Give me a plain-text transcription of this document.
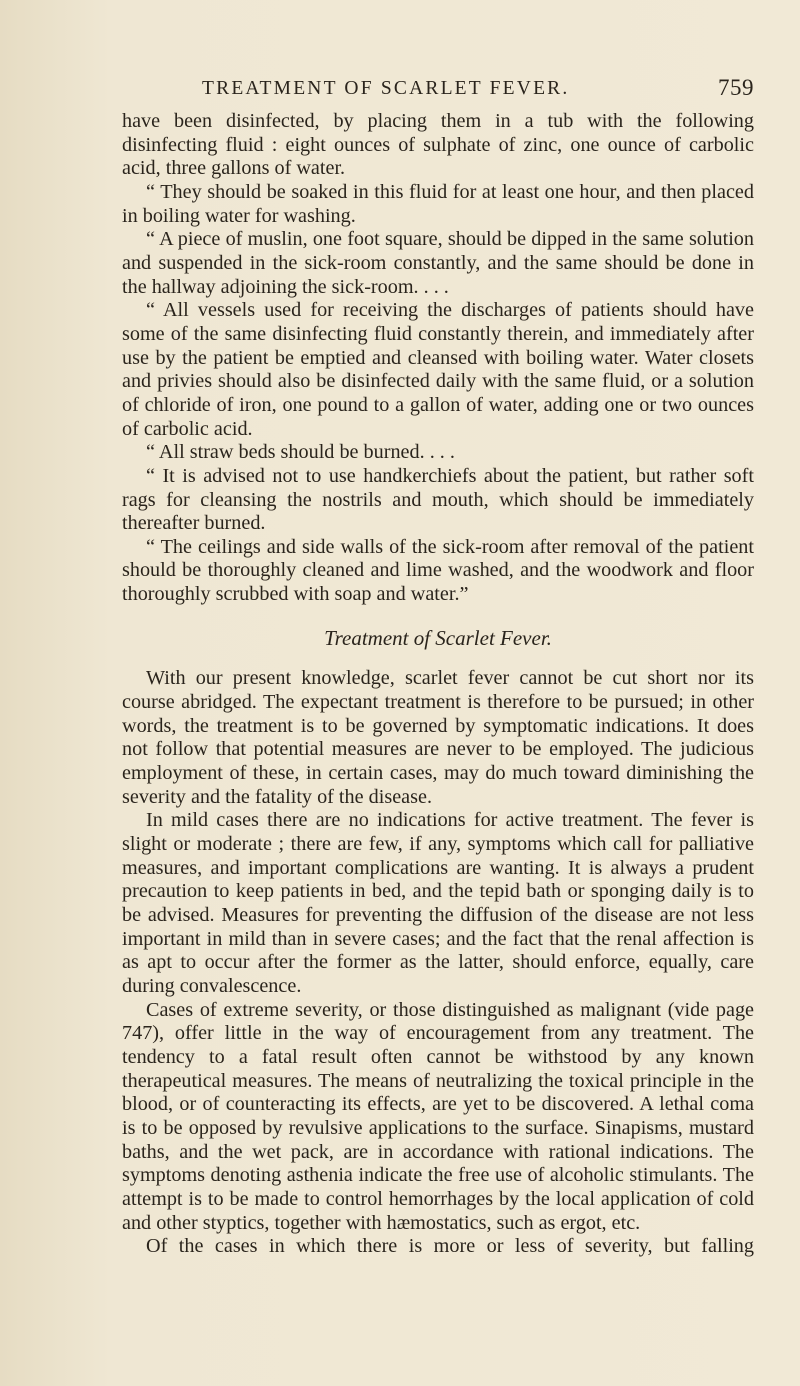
TREATMENT OF SCARLET FEVER.	759

have been disinfected, by placing them in a tub with the following disinfecting fluid : eight ounces of sulphate of zinc, one ounce of carbolic acid, three gallons of water.

“ They should be soaked in this fluid for at least one hour, and then placed in boiling water for washing.

“ A piece of muslin, one foot square, should be dipped in the same solution and suspended in the sick-room constantly, and the same should be done in the hallway adjoining the sick-room. . . .

“ All vessels used for receiving the discharges of patients should have some of the same disinfecting fluid constantly therein, and immediately after use by the patient be emptied and cleansed with boiling water. Water closets and privies should also be disinfected daily with the same fluid, or a solution of chloride of iron, one pound to a gallon of water, adding one or two ounces of carbolic acid.

“ All straw beds should be burned. . . .

“ It is advised not to use handkerchiefs about the patient, but rather soft rags for cleansing the nostrils and mouth, which should be immediately thereafter burned.

“ The ceilings and side walls of the sick-room after removal of the patient should be thoroughly cleaned and lime washed, and the woodwork and floor thoroughly scrubbed with soap and water.”

Treatment of Scarlet Fever.

With our present knowledge, scarlet fever cannot be cut short nor its course abridged. The expectant treatment is therefore to be pursued; in other words, the treatment is to be governed by symptomatic indications. It does not follow that potential measures are never to be employed. The judicious employment of these, in certain cases, may do much toward diminishing the severity and the fatality of the disease.

In mild cases there are no indications for active treatment. The fever is slight or moderate ; there are few, if any, symptoms which call for palliative measures, and important complications are wanting. It is always a prudent precaution to keep patients in bed, and the tepid bath or sponging daily is to be advised. Measures for preventing the diffusion of the disease are not less important in mild than in severe cases; and the fact that the renal affection is as apt to occur after the former as the latter, should enforce, equally, care during convalescence.

Cases of extreme severity, or those distinguished as malignant (vide page 747), offer little in the way of encouragement from any treatment. The tendency to a fatal result often cannot be withstood by any known therapeutical measures. The means of neutralizing the toxical principle in the blood, or of counteracting its effects, are yet to be discovered. A lethal coma is to be opposed by revulsive applications to the surface. Sinapisms, mustard baths, and the wet pack, are in accordance with rational indications. The symptoms denoting asthenia indicate the free use of alcoholic stimulants. The attempt is to be made to control hemorrhages by the local application of cold and other styptics, together with hæmostatics, such as ergot, etc.

Of the cases in which there is more or less of severity, but falling
